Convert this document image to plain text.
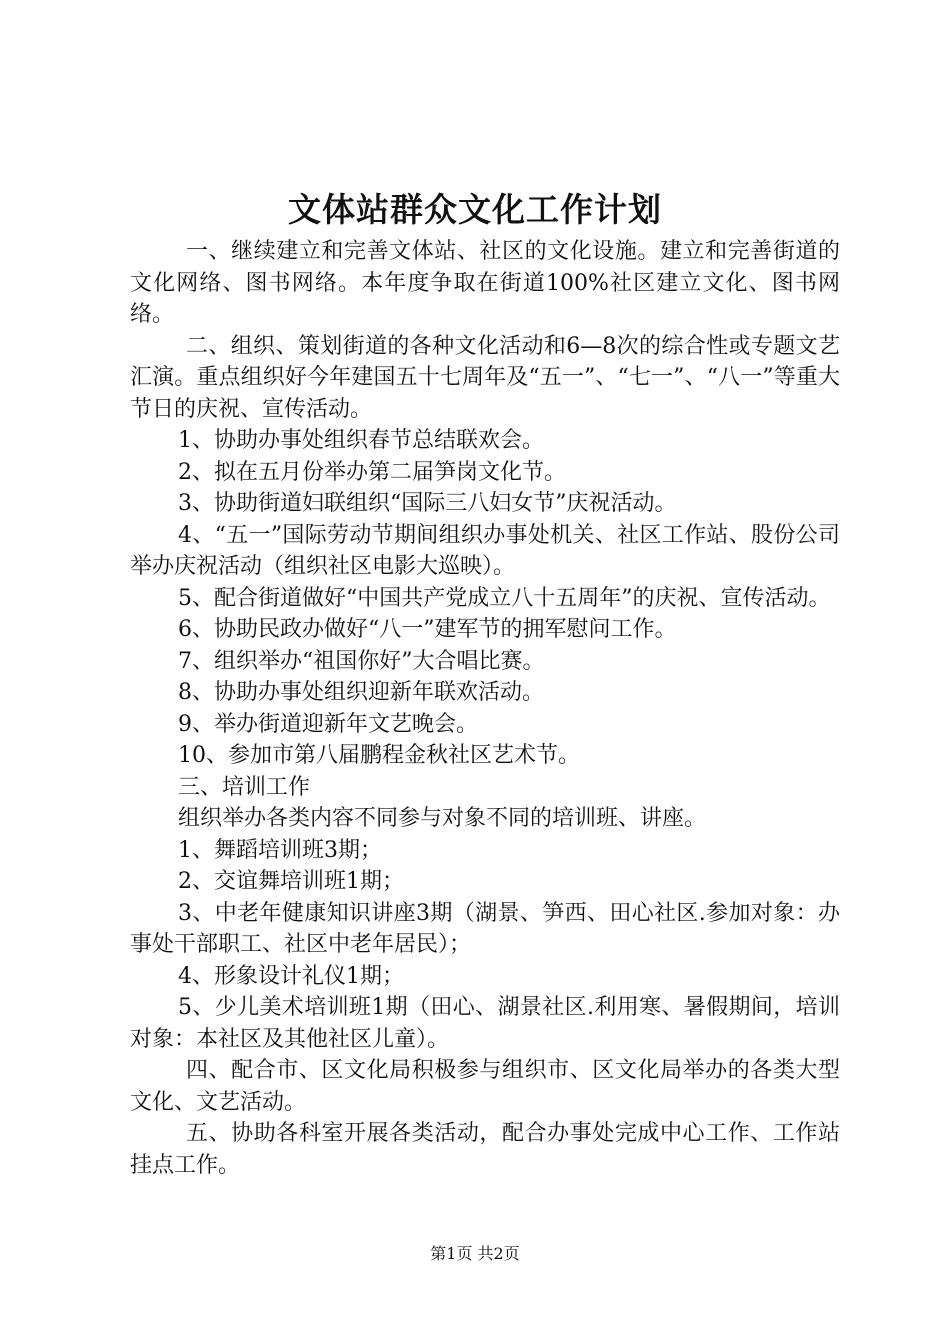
文体站群众文化工作计划

一、继续建立和完善文体站、社区的文化设施。建立和完善街道的文化网络、图书网络。本年度争取在街道100%社区建立文化、图书网络。

二、组织、策划街道的各种文化活动和6—8次的综合性或专题文艺汇演。重点组织好今年建国五十七周年及“五一”、“七一”、“八一”等重大节日的庆祝、宣传活动。

1、协助办事处组织春节总结联欢会。

2、拟在五月份举办第二届笋岗文化节。

3、协助街道妇联组织“国际三八妇女节”庆祝活动。

4、“五一”国际劳动节期间组织办事处机关、社区工作站、股份公司举办庆祝活动（组织社区电影大巡映）。

5、配合街道做好“中国共产党成立八十五周年”的庆祝、宣传活动。

6、协助民政办做好“八一”建军节的拥军慰问工作。

7、组织举办“祖国你好”大合唱比赛。

8、协助办事处组织迎新年联欢活动。

9、举办街道迎新年文艺晚会。

10、参加市第八届鹏程金秋社区艺术节。

三、培训工作

组织举办各类内容不同参与对象不同的培训班、讲座。

1、舞蹈培训班3期；

2、交谊舞培训班1期；

3、中老年健康知识讲座3期（湖景、笋西、田心社区.参加对象：办事处干部职工、社区中老年居民）；

4、形象设计礼仪1期；

5、少儿美术培训班1期（田心、湖景社区.利用寒、暑假期间，培训对象：本社区及其他社区儿童）。

四、配合市、区文化局积极参与组织市、区文化局举办的各类大型文化、文艺活动。

五、协助各科室开展各类活动，配合办事处完成中心工作、工作站挂点工作。

第1页 共2页
